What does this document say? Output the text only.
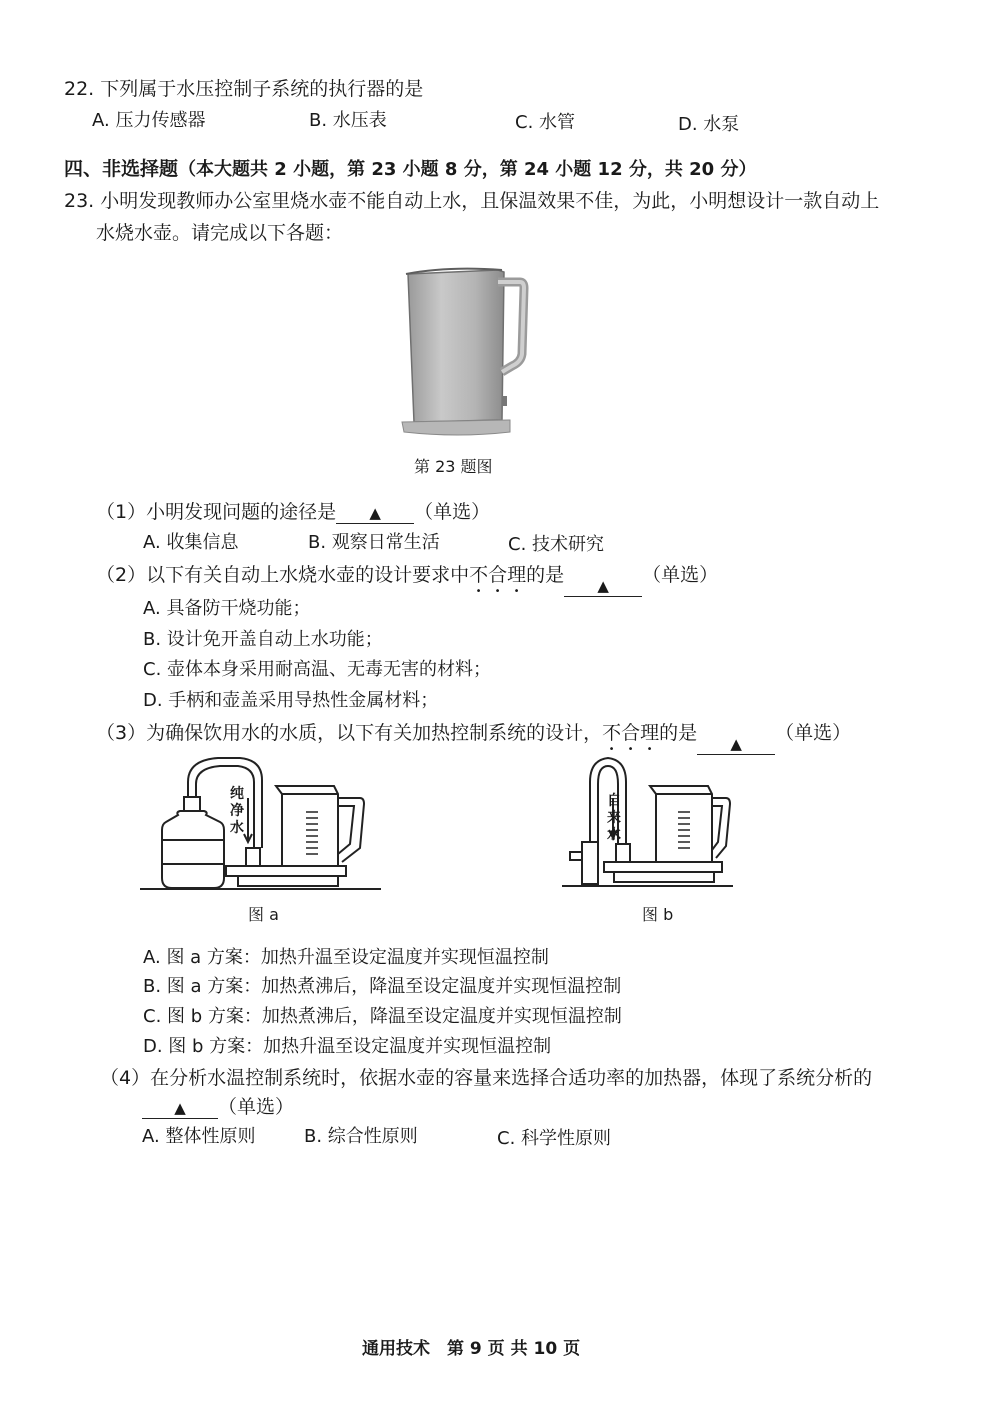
22. 下列属于水压控制子系统的执行器的是
A. 压力传感器	B. 水压表	C. 水管	D. 水泵
四、非选择题（本大题共 2 小题，第 23 小题 8 分，第 24 小题 12 分，共 20 分）
23. 小明发现教师办公室里烧水壶不能自动上水，且保温效果不佳，为此，小明想设计一款自动上
水烧水壶。请完成以下各题：
第 23 题图
（1）小明发现问题的途径是 ▲ （单选）
A. 收集信息	B. 观察日常生活	C. 技术研究
（2）以下有关自动上水烧水壶的设计要求中不合理的是 ▲ （单选）
A. 具备防干烧功能；
B. 设计免开盖自动上水功能；
C. 壶体本身采用耐高温、无毒无害的材料；
D. 手柄和壶盖采用导热性金属材料；
（3）为确保饮用水的水质，以下有关加热控制系统的设计，不合理的是 ▲ （单选）
纯净水
图 a
自来水
图 b
A. 图 a 方案：加热升温至设定温度并实现恒温控制
B. 图 a 方案：加热煮沸后，降温至设定温度并实现恒温控制
C. 图 b 方案：加热煮沸后，降温至设定温度并实现恒温控制
D. 图 b 方案：加热升温至设定温度并实现恒温控制
（4）在分析水温控制系统时，依据水壶的容量来选择合适功率的加热器，体现了系统分析的
▲ （单选）
A. 整体性原则	B. 综合性原则	C. 科学性原则
通用技术　第 9 页 共 10 页
